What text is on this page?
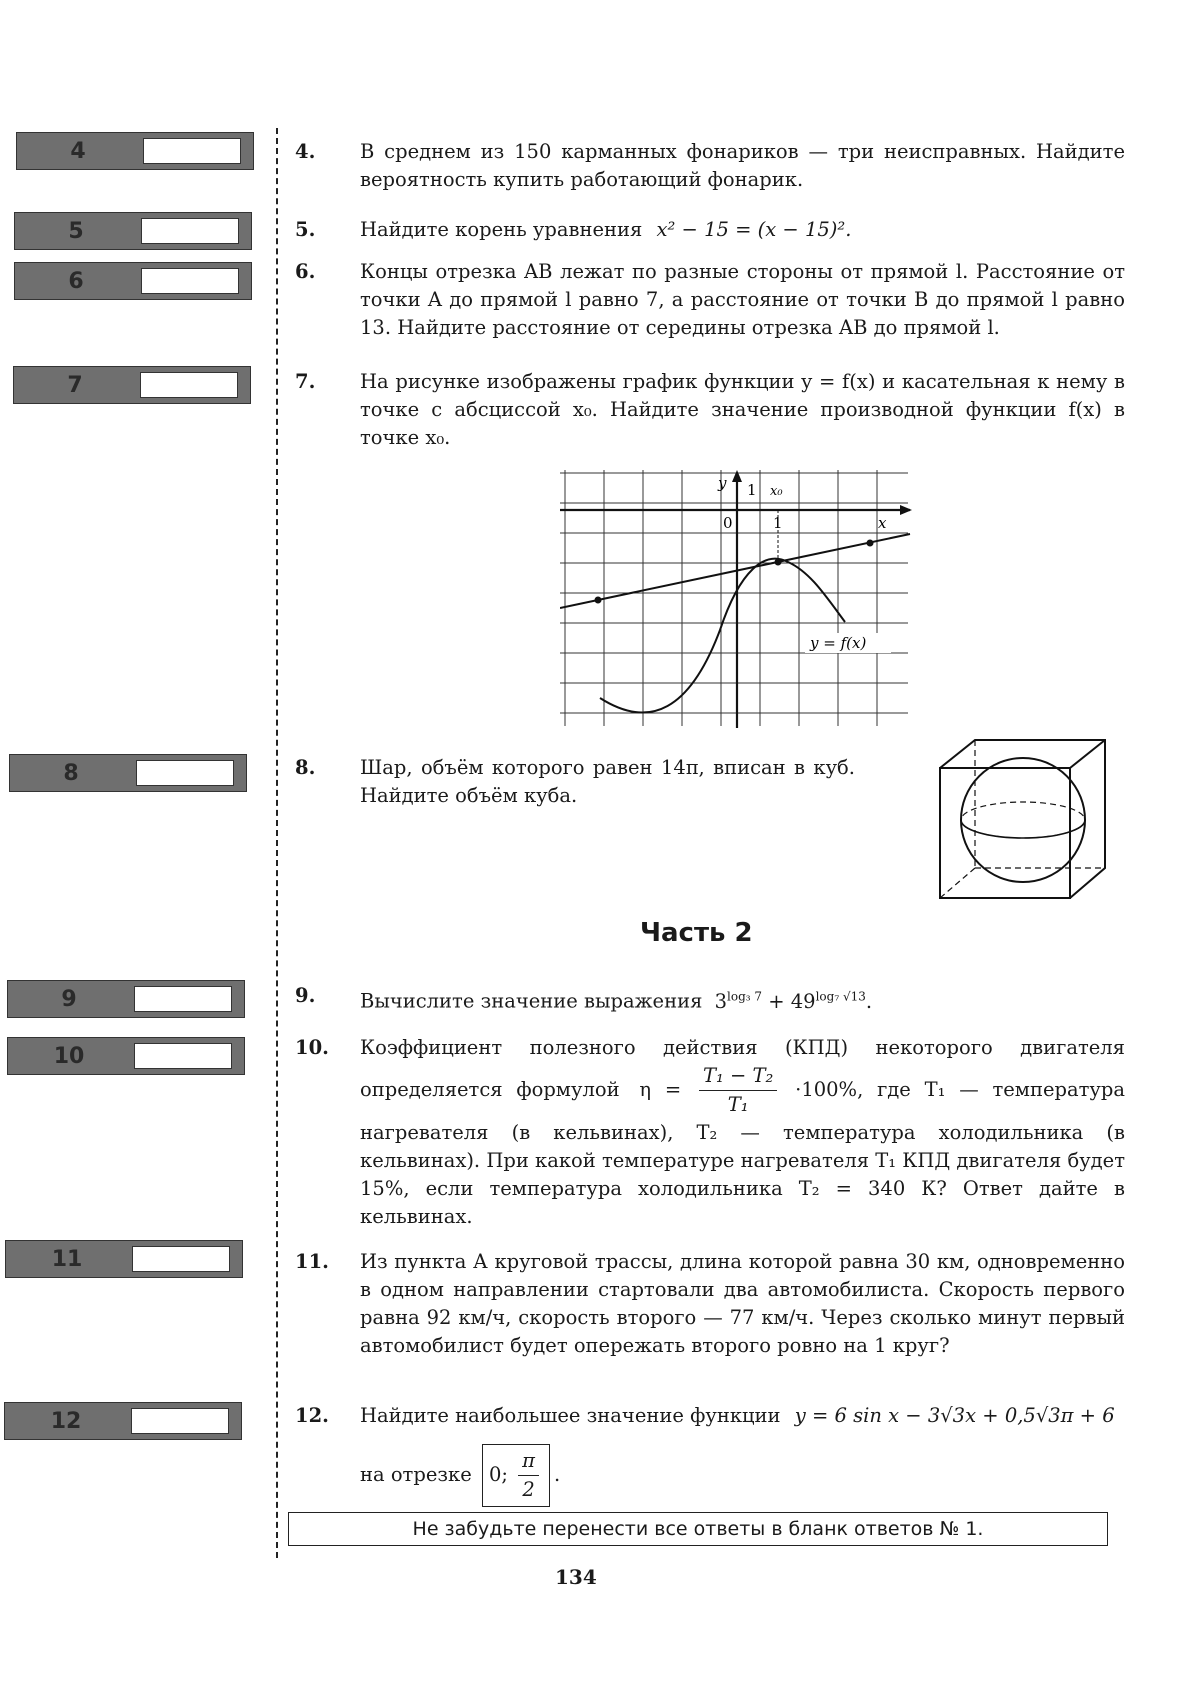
4
5
6
7
8
9
10
11
12
4.	В среднем из 150 карманных фонариков — три неисправных. Найдите вероятность купить работающий фонарик.
5.	Найдите корень уравнения x² − 15 = (x − 15)².
6.	Концы отрезка AB лежат по разные стороны от прямой l. Расстояние от точки A до прямой l равно 7, а расстояние от точки B до прямой l равно 13. Найдите расстояние от середины отрезка AB до прямой l.
7.	На рисунке изображены график функции y = f(x) и касательная к нему в точке с абсциссой x₀. Найдите значение производной функции f(x) в точке x₀.
y 1 x₀
0	1	x
y = f(x)
8.	Шар, объём которого равен 14π, вписан в куб. Найдите объём куба.
Часть 2
9.	Вычислите значение выражения $3^{log_3 7} + 49^{log_7 √13}$.
10.	Коэффициент полезного действия (КПД) некоторого двигателя определяется формулой $\eta = \frac{\text{T₁ − T₂}}{\text{T₁}} \cdot 100\%$, где T₁ — температура нагревателя (в кельвинах), T₂ — температура холодильника (в кельвинах). При какой температуре нагревателя T₁ КПД двигателя будет 15%, если температура холодильника T₂ = 340 К? Ответ дайте в кельвинах.
11.	Из пункта А круговой трассы, длина которой равна 30 км, одновременно в одном направлении стартовали два автомобилиста. Скорость первого равна 92 км/ч, скорость второго — 77 км/ч. Через сколько минут первый автомобилист будет опережать второго ровно на 1 круг?
12.	Найдите наибольшее значение функции y = 6 sin x − 3√3x + 0,5√3π + 6
на отрезке 0; $\frac{\pi}{2}$ .
Не забудьте перенести все ответы в бланк ответов № 1.
134
